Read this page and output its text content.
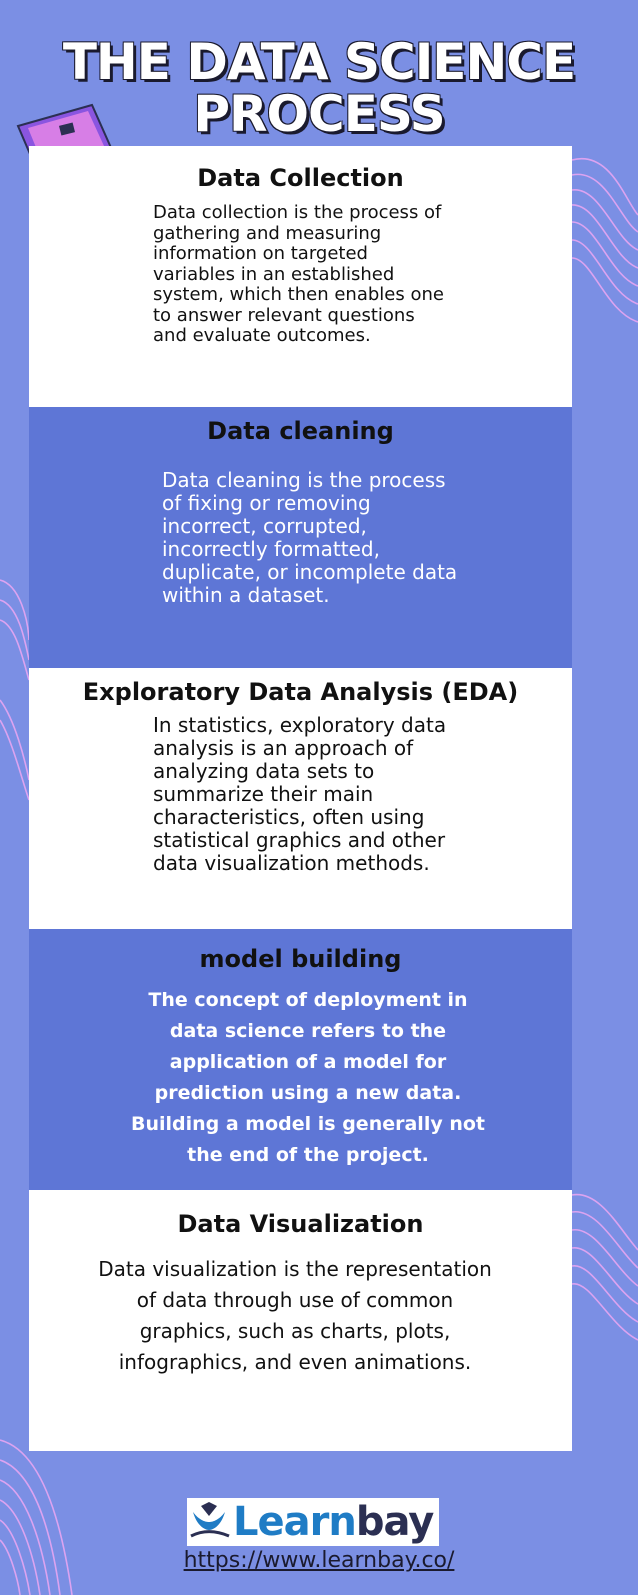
THE DATA SCIENCE
PROCESS
Data Collection

Data collection is the process of gathering and measuring information on targeted variables in an established system, which then enables one to answer relevant questions and evaluate outcomes.

Data cleaning

Data cleaning is the process of fixing or removing incorrect, corrupted, incorrectly formatted, duplicate, or incomplete data within a dataset.

Exploratory Data Analysis (EDA)

In statistics, exploratory data analysis is an approach of analyzing data sets to summarize their main characteristics, often using statistical graphics and other data visualization methods.

model building

The concept of deployment in data science refers to the application of a model for prediction using a new data. Building a model is generally not the end of the project.

Data Visualization

Data visualization is the representation of data through use of common graphics, such as charts, plots, infographics, and even animations.

Learnbay
https://www.learnbay.co/
